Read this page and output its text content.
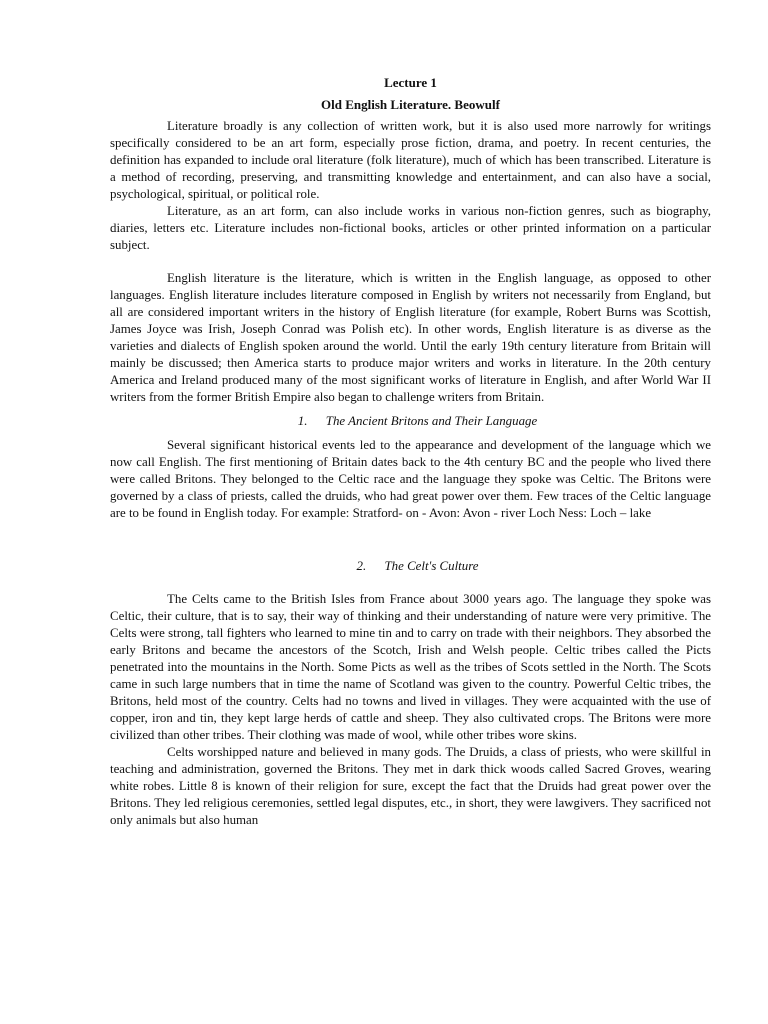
Lecture 1
Old English Literature. Beowulf

Literature broadly is any collection of written work, but it is also used more narrowly for writings specifically considered to be an art form, especially prose fiction, drama, and poetry. In recent centuries, the definition has expanded to include oral literature (folk literature), much of which has been transcribed. Literature is a method of recording, preserving, and transmitting knowledge and entertainment, and can also have a social, psychological, spiritual, or political role.

Literature, as an art form, can also include works in various non-fiction genres, such as biography, diaries, letters etc. Literature includes non-fictional books, articles or other printed information on a particular subject.

English literature is the literature, which is written in the English language, as opposed to other languages. English literature includes literature composed in English by writers not necessarily from England, but all are considered important writers in the history of English literature (for example, Robert Burns was Scottish, James Joyce was Irish, Joseph Conrad was Polish etc). In other words, English literature is as diverse as the varieties and dialects of English spoken around the world. Until the early 19th century literature from Britain will mainly be discussed; then America starts to produce major writers and works in literature. In the 20th century America and Ireland produced many of the most significant works of literature in English, and after World War II writers from the former British Empire also began to challenge writers from Britain.

1. The Ancient Britons and Their Language

Several significant historical events led to the appearance and development of the language which we now call English. The first mentioning of Britain dates back to the 4th century BC and the people who lived there were called Britons. They belonged to the Celtic race and the language they spoke was Celtic. The Britons were governed by a class of priests, called the druids, who had great power over them. Few traces of the Celtic language are to be found in English today. For example: Stratford- on - Avon: Avon - river Loch Ness: Loch – lake

2. The Celt's Culture

The Celts came to the British Isles from France about 3000 years ago. The language they spoke was Celtic, their culture, that is to say, their way of thinking and their understanding of nature were very primitive. The Celts were strong, tall fighters who learned to mine tin and to carry on trade with their neighbors. They absorbed the early Britons and became the ancestors of the Scotch, Irish and Welsh people. Celtic tribes called the Picts penetrated into the mountains in the North. Some Picts as well as the tribes of Scots settled in the North. The Scots came in such large numbers that in time the name of Scotland was given to the country. Powerful Celtic tribes, the Britons, held most of the country. Celts had no towns and lived in villages. They were acquainted with the use of copper, iron and tin, they kept large herds of cattle and sheep. They also cultivated crops. The Britons were more civilized than other tribes. Their clothing was made of wool, while other tribes wore skins.

Celts worshipped nature and believed in many gods. The Druids, a class of priests, who were skillful in teaching and administration, governed the Britons. They met in dark thick woods called Sacred Groves, wearing white robes. Little 8 is known of their religion for sure, except the fact that the Druids had great power over the Britons. They led religious ceremonies, settled legal disputes, etc., in short, they were lawgivers. They sacrificed not only animals but also human
